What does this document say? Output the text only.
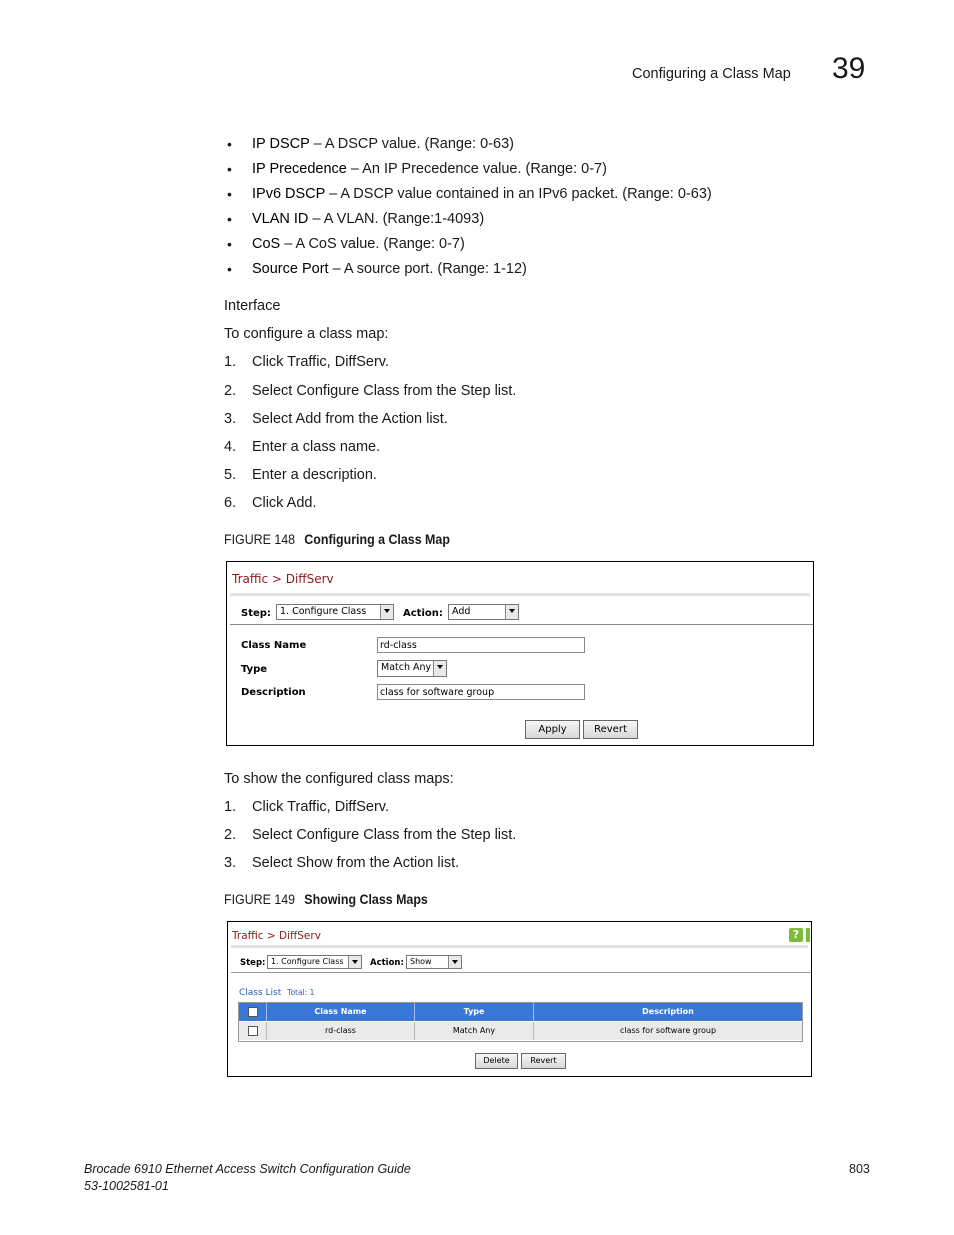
Configuring a Class Map 39
• IP DSCP – A DSCP value. (Range: 0-63)
• IP Precedence – An IP Precedence value. (Range: 0-7)
• IPv6 DSCP – A DSCP value contained in an IPv6 packet. (Range: 0-63)
• VLAN ID – A VLAN. (Range:1-4093)
• CoS – A CoS value. (Range: 0-7)
• Source Port – A source port. (Range: 1-12)
Interface
To configure a class map:
1. Click Traffic, DiffServ.
2. Select Configure Class from the Step list.
3. Select Add from the Action list.
4. Enter a class name.
5. Enter a description.
6. Click Add.
FIGURE 148 Configuring a Class Map
Traffic > DiffServ
Step: 1. Configure Class	Action: Add
Class Name	rd-class
Type	Match Any
Description	class for software group
Apply	Revert
To show the configured class maps:
1. Click Traffic, DiffServ.
2. Select Configure Class from the Step list.
3. Select Show from the Action list.
FIGURE 149 Showing Class Maps
Traffic > DiffServ	?
Step: 1. Configure Class	Action: Show
Class List Total: 1
Class Name	Type	Description
rd-class	Match Any	class for software group
Delete	Revert
Brocade 6910 Ethernet Access Switch Configuration Guide
53-1002581-01
803
